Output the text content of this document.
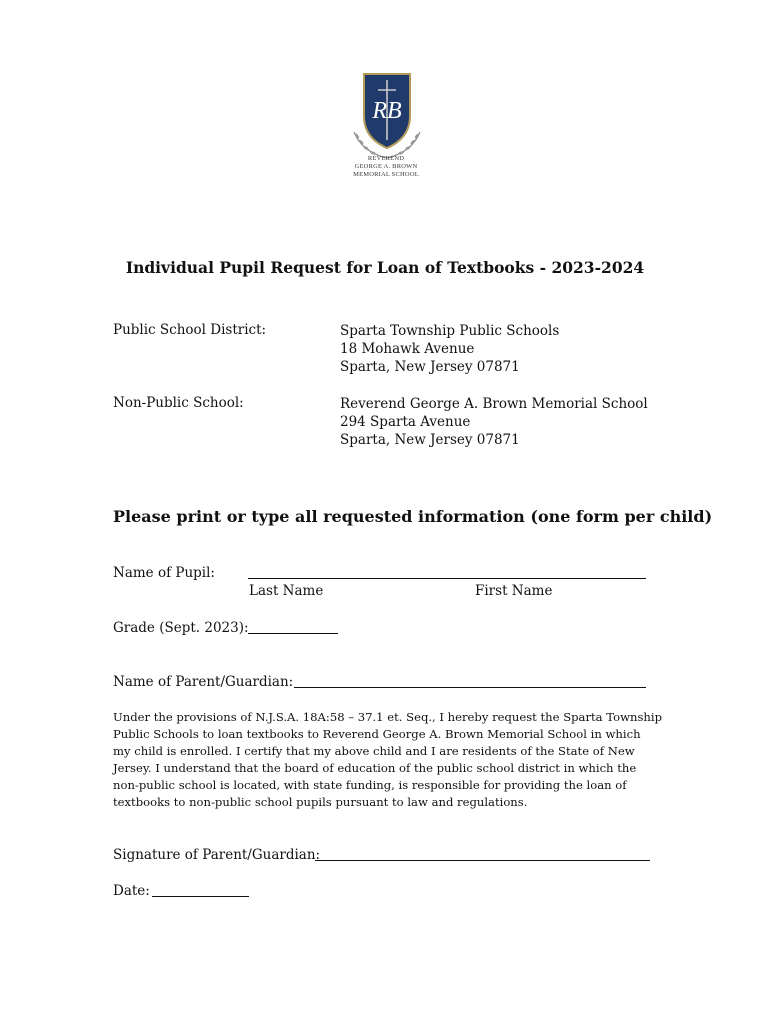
RB
REVEREND
GEORGE A. BROWN
MEMORIAL SCHOOL
Individual Pupil Request for Loan of Textbooks - 2023-2024
Public School District:	Sparta Township Public Schools
18 Mohawk Avenue
Sparta, New Jersey 07871
Non-Public School:	Reverend George A. Brown Memorial School
294 Sparta Avenue
Sparta, New Jersey 07871
Please print or type all requested information (one form per child)
Name of Pupil:
Last Name	First Name
Grade (Sept. 2023):
Name of Parent/Guardian:
Under the provisions of N.J.S.A. 18A:58 – 37.1 et. Seq., I hereby request the Sparta Township
Public Schools to loan textbooks to Reverend George A. Brown Memorial School in which
my child is enrolled. I certify that my above child and I are residents of the State of New
Jersey. I understand that the board of education of the public school district in which the
non-public school is located, with state funding, is responsible for providing the loan of
textbooks to non-public school pupils pursuant to law and regulations.
Signature of Parent/Guardian:
Date:
